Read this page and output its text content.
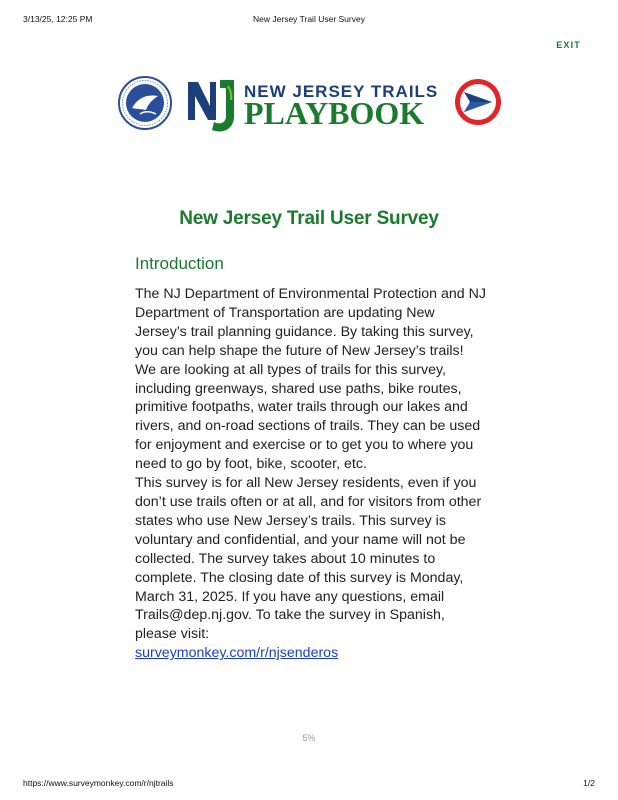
3/13/25, 12:25 PM	New Jersey Trail User Survey
EXIT
NEW JERSEY TRAILS
PLAYBOOK
New Jersey Trail User Survey
Introduction

The NJ Department of Environmental Protection and NJ Department of Transportation are updating New Jersey’s trail planning guidance. By taking this survey, you can help shape the future of New Jersey’s trails!

We are looking at all types of trails for this survey, including greenways, shared use paths, bike routes, primitive footpaths, water trails through our lakes and rivers, and on-road sections of trails. They can be used for enjoyment and exercise or to get you to where you need to go by foot, bike, scooter, etc.

This survey is for all New Jersey residents, even if you don’t use trails often or at all, and for visitors from other states who use New Jersey’s trails. This survey is voluntary and confidential, and your name will not be collected. The survey takes about 10 minutes to complete. The closing date of this survey is Monday, March 31, 2025. If you have any questions, email Trails@dep.nj.gov. To take the survey in Spanish, please visit:

surveymonkey.com/r/njsenderos
5%
https://www.surveymonkey.com/r/njtrails	1/2
